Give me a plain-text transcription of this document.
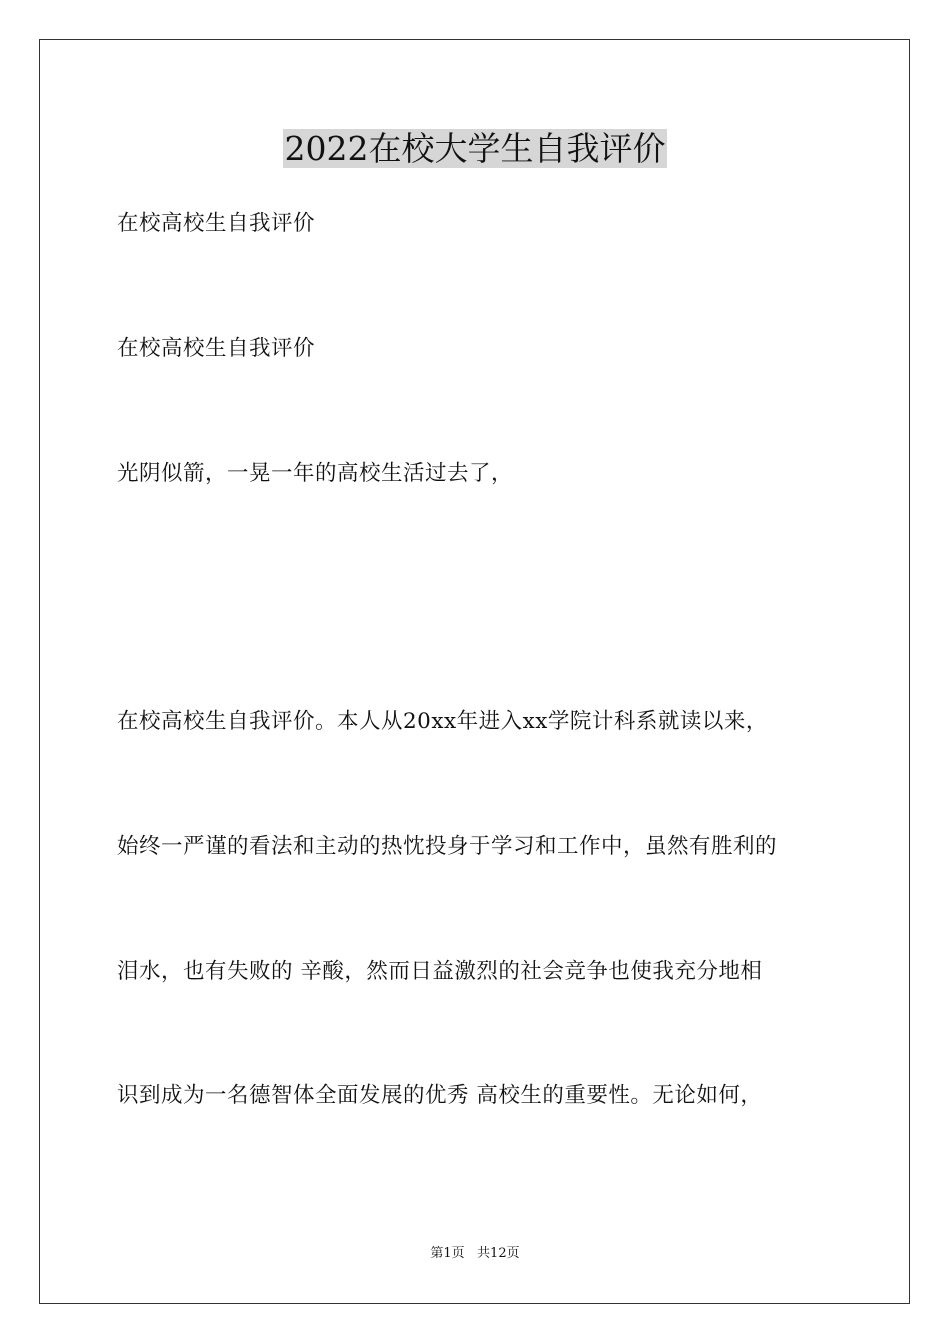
2022在校大学生自我评价
在校高校生自我评价
在校高校生自我评价
光阴似箭，一晃一年的高校生活过去了，
在校高校生自我评价。本人从20xx年进入xx学院计科系就读以来，
始终一严谨的看法和主动的热忱投身于学习和工作中，虽然有胜利的
泪水，也有失败的 辛酸，然而日益激烈的社会竞争也使我充分地相
识到成为一名德智体全面发展的优秀 高校生的重要性。无论如何，
第1页   共12页
